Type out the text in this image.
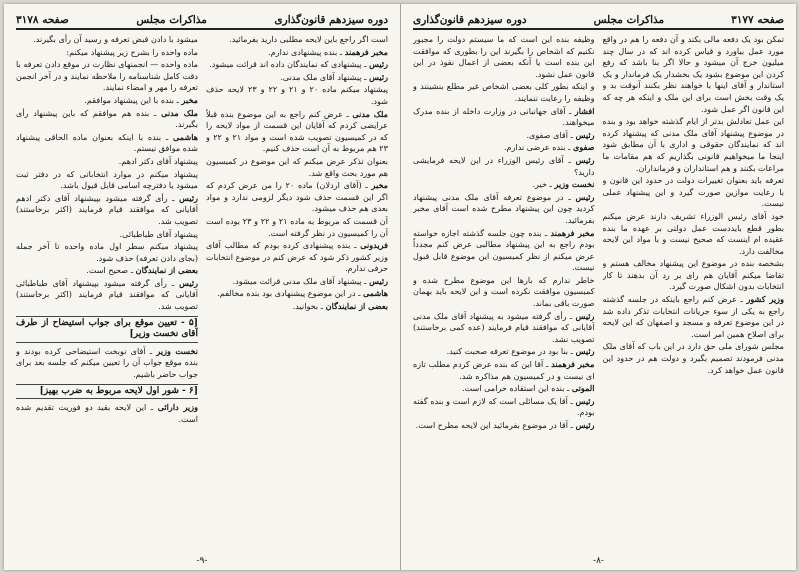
دوره سیزدهم قانون‌گذاری
مذاکرات مجلس
صفحه ۳۱۷۸

است اگر راجع باین لایحه مطلبی دارید بفرمائید.

مخبر فرهمند ـ بنده پیشنهادی ندارم.

رئیس ـ پیشنهادی که نمایندگان داده اند قرائت میشود.

رئیس ـ پیشنهاد آقای ملک مدنی.

پیشنهاد میکنم ماده ۲۰ و ۲۱ و ۲۲ و ۲۳ لایحه حذف شود.

ملک مدنی ـ عرض کنم راجع به این موضوع بنده قبلاً عرایضی کردم که آقایان این قسمت از مواد لایحه را که در کمیسیون تصویب شده است و مواد ۲۱ و ۲۲ و ۲۳ هم مربوط به آن است حذف کنیم.

بعنوان تذکر عرض میکنم که این موضوع در کمیسیون هم مورد بحث واقع شد.

مخبر ـ (آقای اردلان) ماده ۲۰ را من عرض کردم که اگر این قسمت حذف شود دیگر لزومی ندارد و مواد بعدی هم حذف میشود.

آن قسمت که مربوط به ماده ۲۱ و ۲۲ و ۲۳ بوده است آن را کمیسیون در نظر گرفته است.

فریدونی ـ بنده پیشنهادی کرده بودم که مطالب آقای وزیر کشور ذکر شود که عرض کنم در موضوع انتخابات حرفی ندارم.

رئیس ـ پیشنهاد آقای ملک مدنی قرائت میشود.

هاشمی ـ در این موضوع پیشنهادی بود بنده مخالفم.

بعضی از نمایندگان ـ بخوانید.

میشود با دادن قبض تعرفه و رسید آن رأی بگیرند.

ماده واحده را بشرح زیر پیشنهاد میکنم:

ماده واحده — انجمنهای نظارت در موقع دادن تعرفه با دقت کامل شناسنامه را ملاحظه نمایند و در آخر انجمن تعرفه را مهر و امضاء نمایند.

مخبر ـ بنده با این پیشنهاد موافقم.

ملک مدنی ـ بنده هم موافقم که باین پیشنهاد رأی بگیرند.

هاشمی ـ بنده با اینکه بعنوان ماده الحاقی پیشنهاد شده موافق نیستم.

پیشنهاد آقای دکتر ادهم.

پیشنهاد میکنم در موارد انتخاباتی که در دفتر ثبت میشود یا دفترچه اسامی قابل قبول باشد.

رئیس ـ رأی گرفته میشود بپیشنهاد آقای دکتر ادهم آقایانی که موافقند قیام فرمایند (اکثر برخاستند) تصویب شد.

پیشنهاد آقای طباطبائی.

پیشنهاد میکنم سطر اول ماده واحده تا آخر جمله (بجای دادن تعرفه) حذف شود.

بعضی از نمایندگان ـ صحیح است.

رئیس ـ رأی گرفته میشود بپیشنهاد آقای طباطبائی آقایانی که موافقند قیام فرمایند (اکثر برخاستند) تصویب شد.

[۵ - تعیین موقع برای جواب استیضاح از طرف آقای نخست وزیر]

نخست وزیر ـ آقای نوبخت استیضاحی کرده بودند و بنده موقع جواب آن را تعیین میکنم که جلسه بعد برای جواب حاضر باشیم.

[۶ - شور اول لایحه مربوط به ضرب بهیز]

وزیر دارائی ـ این لایحه بقید دو فوریت تقدیم شده است.

-۹-
صفحه ۳۱۷۷
مذاکرات مجلس
دوره سیزدهم قانون‌گذاری

تمکن بود یک دفعه مالی بکند و آن دفعه را هم در واقع مورد عمل بیاورد و قیاس کرده اند که در سال چند میلیون خرج آن میشود و حالا اگر بنا باشد که رفع کردن این موضوع بشود یک بخشدار یک فرماندار و یک استاندار و آقای اینها با خواهند نظر بکنند آنوقت بد و یک وقت بخش است برای این ملک و اینکه هر چه که این قانون اگر عمل شود.

این عمل تعادلش بدتر از ایام گذشته خواهد بود و بنده در موضوع پیشنهاد آقای ملک مدنی که پیشنهاد کرده اند که نمایندگان حقوقی و اداری با آن مطابق شود اینجا ما میخواهیم قانونی بگذاریم که هم مقامات ما مراعات بکنند و هم استانداران و فرمانداران.

تعرفه باید بعنوان تغییرات دولت در حدود این قانون و با رعایت موازین صورت گیرد و این پیشنهاد عملی نیست.

خود آقای رئیس الوزراء تشریف دارند عرض میکنم بطور قطع بایددست عمل دولتی بر عهده ما بنده عقیده ام اینست که صحیح نیست و با مواد این لایحه مخالفت دارد.

بشخصه بنده در موضوع این پیشنهاد مخالف هستم و تقاضا میکنم آقایان هم رای بر رد آن بدهند تا کار انتخابات بدون اشکال صورت گیرد.

وزیر کشور ـ عرض کنم راجع باینکه در جلسه گذشته راجع به یکی از سوء جریانات انتخابات تذکر داده شد در این موضوع تعرفه و مسجد و اصفهان که این لایحه برای اصلاح همین امر است.

مجلس شورای ملی حق دارد در این باب که آقای ملک مدنی فرمودند تصمیم بگیرد و دولت هم در حدود این قانون عمل خواهد کرد.

وظیفه بنده این است که ما سیستم دولت را مجبور نکنیم که اشخاص را بگیرند این را بطوری که موافقت این بنده است یا آنکه بعضی از اعمال نفوذ در این قانون عمل نشود.

و اینکه بطور کلی بعضی اشخاص غیر مطلع بنشینند و وظیفه را رعایت ننمایند.

افشار ـ آقای جهانبانی در وزارت داخله از بنده مدرک میخواهند.

رئیس ـ آقای صفوی.

صفوی ـ بنده عرضی ندارم.

رئیس ـ آقای رئیس الوزراء در این لایحه فرمایشی دارید؟

نخست وزیر ـ خیر.

رئیس ـ در موضوع تعرفه آقای ملک مدنی پیشنهاد کردید چون این پیشنهاد مطرح شده است آقای مخبر بفرمائید.

مخبر فرهمند ـ بنده چون جلسه گذشته اجازه خواسته بودم راجع به این پیشنهاد مطالبی عرض کنم مجدداً عرض میکنم از نظر کمیسیون این موضوع قابل قبول نیست.

خاطر ندارم که بارها این موضوع مطرح شده و کمیسیون موافقت نکرده است و این لایحه باید بهمان صورت باقی بماند.

رئیس ـ رأی گرفته میشود به پیشنهاد آقای ملک مدنی آقایانی که موافقند قیام فرمایند (عده کمی برخاستند) تصویب نشد.

رئیس ـ بنا بود در موضوع تعرفه صحبت کنید.

مخبر فرهمند ـ آقا این که بنده عرض کردم مطلب تازه ای نیست و در کمیسیون هم مذاکره شد.

الموتی ـ بنده این استفاده حرامی است.

رئیس ـ آقا یک مسائلی است که لازم است و بنده گفته بودم.

رئیس ـ آقا در موضوع بفرمائید این لایحه مطرح است.

-۸-
